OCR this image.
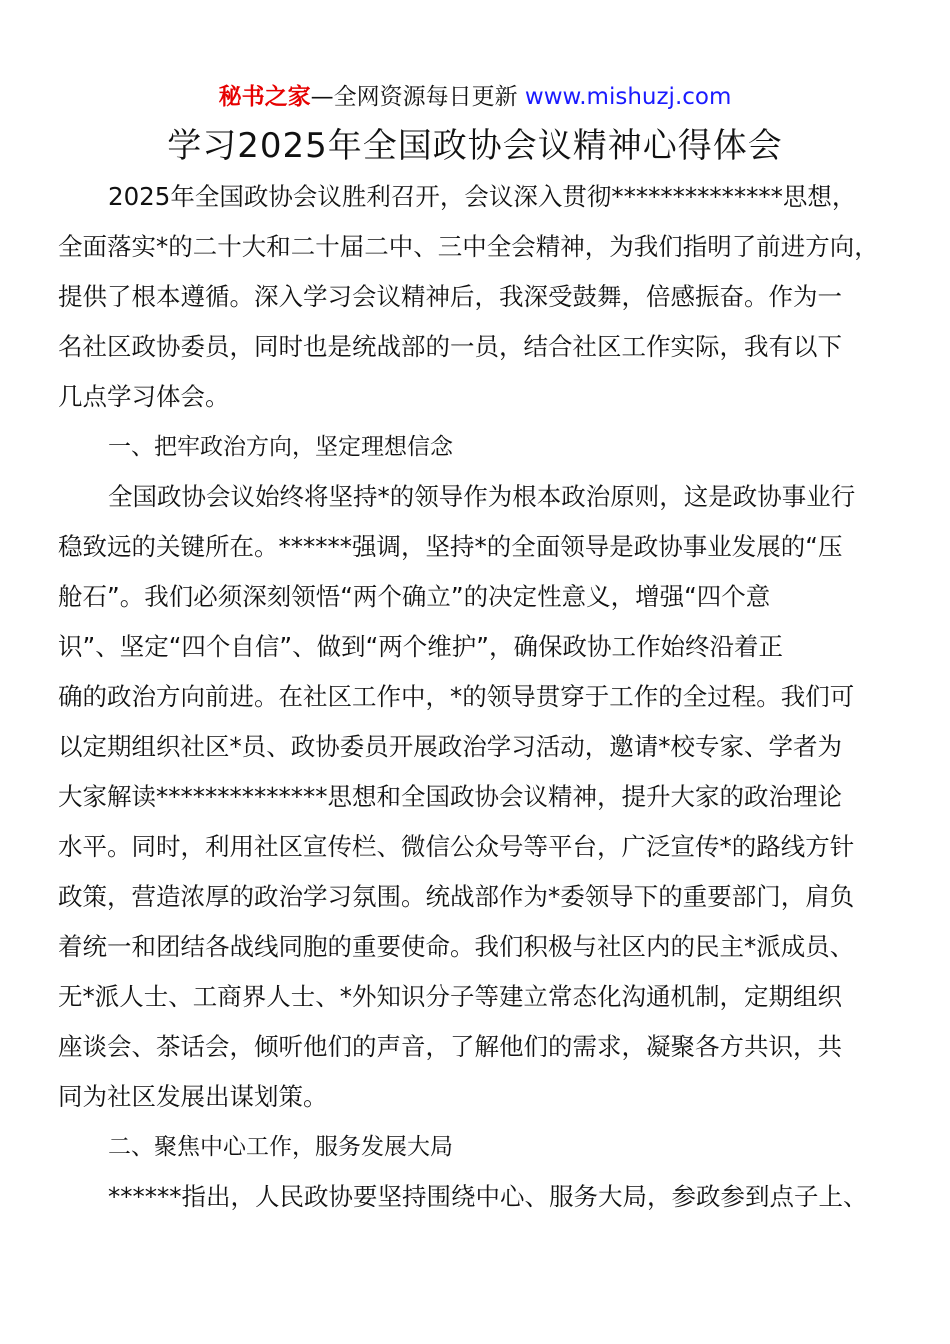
秘书之家—全网资源每日更新 www.mishuzj.com
学习2025年全国政协会议精神心得体会
2025年全国政协会议胜利召开，会议深入贯彻**************思想，
全面落实*的二十大和二十届二中、三中全会精神，为我们指明了前进方向，
提供了根本遵循。深入学习会议精神后，我深受鼓舞，倍感振奋。作为一
名社区政协委员，同时也是统战部的一员，结合社区工作实际，我有以下
几点学习体会。
一、把牢政治方向，坚定理想信念
全国政协会议始终将坚持*的领导作为根本政治原则，这是政协事业行
稳致远的关键所在。******强调，坚持*的全面领导是政协事业发展的“压
舱石”。我们必须深刻领悟“两个确立”的决定性意义，增强“四个意
识”、坚定“四个自信”、做到“两个维护”，确保政协工作始终沿着正
确的政治方向前进。在社区工作中，*的领导贯穿于工作的全过程。我们可
以定期组织社区*员、政协委员开展政治学习活动，邀请*校专家、学者为
大家解读**************思想和全国政协会议精神，提升大家的政治理论
水平。同时，利用社区宣传栏、微信公众号等平台，广泛宣传*的路线方针
政策，营造浓厚的政治学习氛围。统战部作为*委领导下的重要部门，肩负
着统一和团结各战线同胞的重要使命。我们积极与社区内的民主*派成员、
无*派人士、工商界人士、*外知识分子等建立常态化沟通机制，定期组织
座谈会、茶话会，倾听他们的声音，了解他们的需求，凝聚各方共识，共
同为社区发展出谋划策。
二、聚焦中心工作，服务发展大局
******指出，人民政协要坚持围绕中心、服务大局，参政参到点子上、
